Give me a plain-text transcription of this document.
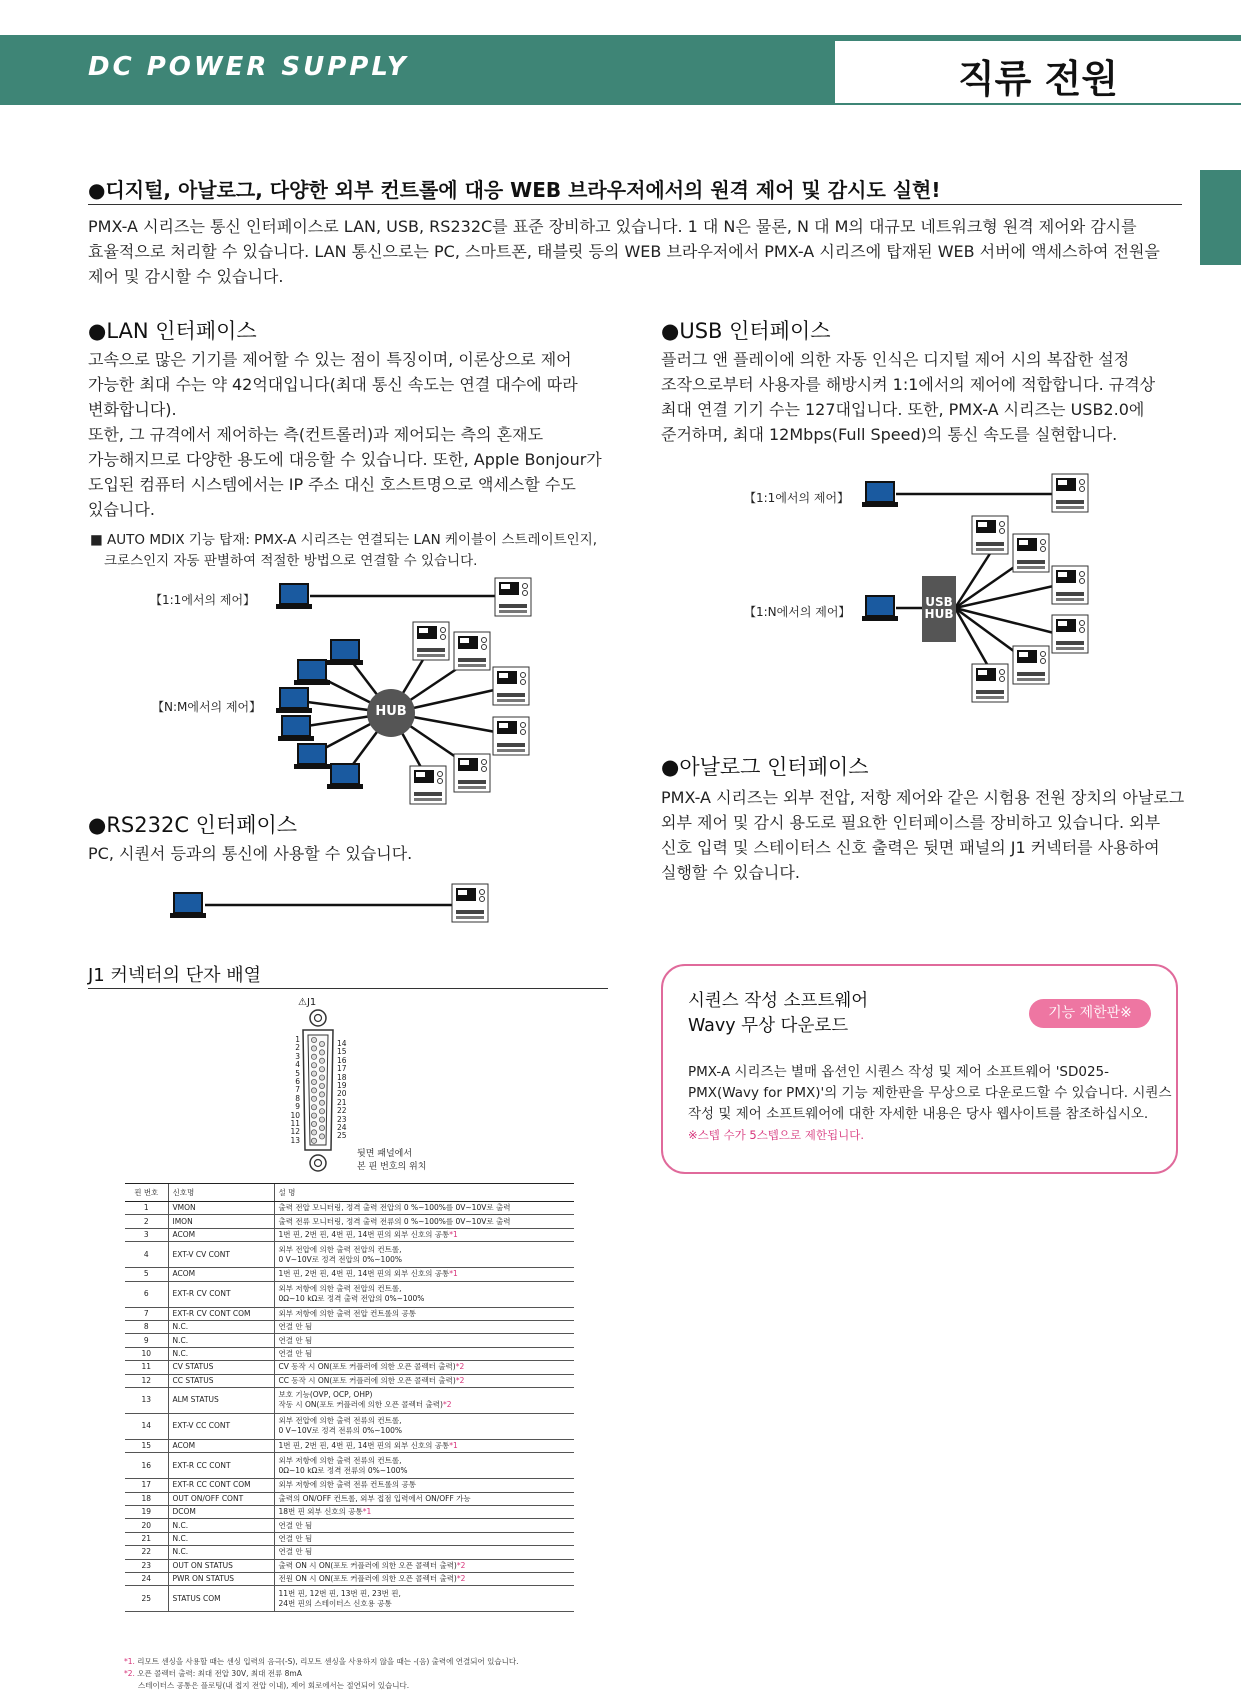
DC POWER SUPPLY	직류 전원
●디지털, 아날로그, 다양한 외부 컨트롤에 대응 WEB 브라우저에서의 원격 제어 및 감시도 실현!
PMX-A 시리즈는 통신 인터페이스로 LAN, USB, RS232C를 표준 장비하고 있습니다. 1 대 N은 물론, N 대 M의 대규모 네트워크형 원격 제어와 감시를
효율적으로 처리할 수 있습니다. LAN 통신으로는 PC, 스마트폰, 태블릿 등의 WEB 브라우저에서 PMX-A 시리즈에 탑재된 WEB 서버에 액세스하여 전원을
제어 및 감시할 수 있습니다.
●LAN 인터페이스
고속으로 많은 기기를 제어할 수 있는 점이 특징이며, 이론상으로 제어
가능한 최대 수는 약 42억대입니다(최대 통신 속도는 연결 대수에 따라
변화합니다).
또한, 그 규격에서 제어하는 측(컨트롤러)과 제어되는 측의 혼재도
가능해지므로 다양한 용도에 대응할 수 있습니다. 또한, Apple Bonjour가
도입된 컴퓨터 시스템에서는 IP 주소 대신 호스트명으로 액세스할 수도
있습니다.
■ AUTO MDIX 기능 탑재: PMX-A 시리즈는 연결되는 LAN 케이블이 스트레이트인지,
크로스인지 자동 판별하여 적절한 방법으로 연결할 수 있습니다.
【1:1에서의 제어】
【N:M에서의 제어】	HUB
USB
HUB
●USB 인터페이스
플러그 앤 플레이에 의한 자동 인식은 디지털 제어 시의 복잡한 설정
조작으로부터 사용자를 해방시켜 1:1에서의 제어에 적합합니다. 규격상
최대 연결 기기 수는 127대입니다. 또한, PMX-A 시리즈는 USB2.0에
준거하며, 최대 12Mbps(Full Speed)의 통신 속도를 실현합니다.
【1:1에서의 제어】
【1:N에서의 제어】
●아날로그 인터페이스
PMX-A 시리즈는 외부 전압, 저항 제어와 같은 시험용 전원 장치의 아날로그
외부 제어 및 감시 용도로 필요한 인터페이스를 장비하고 있습니다. 외부
신호 입력 및 스테이터스 신호 출력은 뒷면 패널의 J1 커넥터를 사용하여
실행할 수 있습니다.
●RS232C 인터페이스
PC, 시퀀서 등과의 통신에 사용할 수 있습니다.
J1 커넥터의 단자 배열
⚠J1
1
2
3
4
5
6
7
8
9
10
11
12
13
14
15
16
17
18
19
20
21
22
23
24
25
뒷면 패널에서
본 핀 번호의 위치
핀 번호	신호명	설 명
1	VMON	출력 전압 모니터링, 정격 출력 전압의 0 %~100%를 0V~10V로 출력
2	IMON	출력 전류 모니터링, 정격 출력 전류의 0 %~100%를 0V~10V로 출력
3	ACOM	1번 핀, 2번 핀, 4번 핀, 14번 핀의 외부 신호의 공통*1
4	EXT-V CV CONT	외부 전압에 의한 출력 전압의 컨트롤,
0 V~10V로 정격 전압의 0%~100%
5	ACOM	1번 핀, 2번 핀, 4번 핀, 14번 핀의 외부 신호의 공통*1
6	EXT-R CV CONT	외부 저항에 의한 출력 전압의 컨트롤,
0Ω~10 kΩ로 정격 출력 전압의 0%~100%
7	EXT-R CV CONT COM	외부 저항에 의한 출력 전압 컨트롤의 공통
8	N.C.	연결 안 됨
9	N.C.	연결 안 됨
10	N.C.	연결 안 됨
11	CV STATUS	CV 동작 시 ON(포토 커플러에 의한 오픈 콜렉터 출력)*2
12	CC STATUS	CC 동작 시 ON(포토 커플러에 의한 오픈 콜렉터 출력)*2
13	ALM STATUS	보호 기능(OVP, OCP, OHP)
작동 시 ON(포토 커플러에 의한 오픈 콜렉터 출력)*2
14	EXT-V CC CONT	외부 전압에 의한 출력 전류의 컨트롤,
0 V~10V로 정격 전류의 0%~100%
15	ACOM	1번 핀, 2번 핀, 4번 핀, 14번 핀의 외부 신호의 공통*1
16	EXT-R CC CONT	외부 저항에 의한 출력 전류의 컨트롤,
0Ω~10 kΩ로 정격 전류의 0%~100%
17	EXT-R CC CONT COM	외부 저항에 의한 출력 전류 컨트롤의 공통
18	OUT ON/OFF CONT	출력의 ON/OFF 컨트롤, 외부 접점 입력에서 ON/OFF 가능
19	DCOM	18번 핀 외부 신호의 공통*1
20	N.C.	연결 안 됨
21	N.C.	연결 안 됨
22	N.C.	연결 안 됨
23	OUT ON STATUS	출력 ON 시 ON(포토 커플러에 의한 오픈 콜렉터 출력)*2
24	PWR ON STATUS	전원 ON 시 ON(포토 커플러에 의한 오픈 콜렉터 출력)*2
25	STATUS COM	11번 핀, 12번 핀, 13번 핀, 23번 핀,
24번 핀의 스테이터스 신호용 공통
*1. 리모트 센싱을 사용할 때는 센싱 입력의 음극(-S), 리모트 센싱을 사용하지 않을 때는 -(음) 출력에 연결되어 있습니다.
*2. 오픈 콜렉터 출력: 최대 전압 30V, 최대 전류 8mA
스테이터스 공통은 플로팅(내 접지 전압 이내), 제어 회로에서는 절연되어 있습니다.
시퀀스 작성 소프트웨어
Wavy 무상 다운로드
기능 제한판※
PMX-A 시리즈는 별매 옵션인 시퀀스 작성 및 제어 소프트웨어 'SD025-
PMX(Wavy for PMX)'의 기능 제한판을 무상으로 다운로드할 수 있습니다. 시퀀스
작성 및 제어 소프트웨어에 대한 자세한 내용은 당사 웹사이트를 참조하십시오.
※스텝 수가 5스텝으로 제한됩니다.
